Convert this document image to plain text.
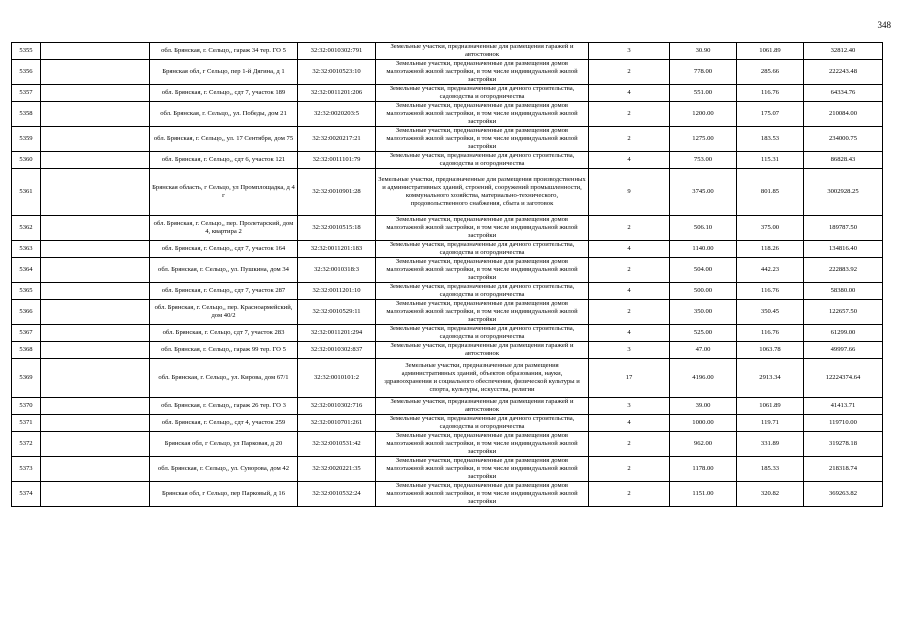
348
5355		обл. Брянская, г. Сельцо,, гараж 34 тер. ГО 5	32:32:0010302:791	Земельные участки, предназначенные для размещения гаражей и автостоянок	3	30.90	1061.89	32812.40
5356		Брянская обл, г Сельцо, пер 1-й Дягина, д 1	32:32:0010523:10	Земельные участки, предназначенные для размещения домов малоэтажной жилой застройки, в том числе индивидуальной жилой застройки	2	778.00	285.66	222243.48
5357		обл. Брянская, г. Сельцо,, сдт 7, участок 189	32:32:0011201:206	Земельные участки, предназначенные для дачного строительства, садоводства и огородничества	4	551.00	116.76	64334.76
5358		обл. Брянская, г. Сельцо,, ул. Победы, дом 21	32:32:0020203:5	Земельные участки, предназначенные для размещения домов малоэтажной жилой застройки, в том числе индивидуальной жилой застройки	2	1200.00	175.07	210084.00
5359		обл. Брянская, г. Сельцо,, ул. 17 Сентября, дом 75	32:32:0020217:21	Земельные участки, предназначенные для размещения домов малоэтажной жилой застройки, в том числе индивидуальной жилой застройки	2	1275.00	183.53	234000.75
5360		обл. Брянская, г. Сельцо,, сдт 6, участок 121	32:32:0011101:79	Земельные участки, предназначенные для дачного строительства, садоводства и огородничества	4	753.00	115.31	86828.43
5361		Брянская область, г Сельцо, ул Промплощадка, д 4 г	32:32:0010901:28	Земельные участки, предназначенные для размещения производственных и административных зданий, строений, сооружений промышленности, коммунального хозяйства, материально-технического, продовольственного снабжения, сбыта и заготовок	9	3745.00	801.85	3002928.25
5362		обл. Брянская, г. Сельцо,, пер. Пролетарский, дом 4, квартира 2	32:32:0010515:18	Земельные участки, предназначенные для размещения домов малоэтажной жилой застройки, в том числе индивидуальной жилой застройки	2	506.10	375.00	189787.50
5363		обл. Брянская, г. Сельцо,, сдт 7, участок 164	32:32:0011201:183	Земельные участки, предназначенные для дачного строительства, садоводства и огородничества	4	1140.00	118.26	134816.40
5364		обл. Брянская, г. Сельцо,, ул. Пушкина, дом 34	32:32:0010318:3	Земельные участки, предназначенные для размещения домов малоэтажной жилой застройки, в том числе индивидуальной жилой застройки	2	504.00	442.23	222883.92
5365		обл. Брянская, г. Сельцо,, сдт 7, участок 287	32:32:0011201:10	Земельные участки, предназначенные для дачного строительства, садоводства и огородничества	4	500.00	116.76	58380.00
5366		обл. Брянская, г. Сельцо,, пер. Красноармейский, дом 40/2	32:32:0010529:11	Земельные участки, предназначенные для размещения домов малоэтажной жилой застройки, в том числе индивидуальной жилой застройки	2	350.00	350.45	122657.50
5367		обл. Брянская, г. Сельцо, сдт 7, участок 283	32:32:0011201:294	Земельные участки, предназначенные для дачного строительства, садоводства и огородничества	4	525.00	116.76	61299.00
5368		обл. Брянская, г. Сельцо,, гараж 99 тер. ГО 5	32:32:0010302:837	Земельные участки, предназначенные для размещения гаражей и автостоянок	3	47.00	1063.78	49997.66
5369		обл. Брянская, г. Сельцо,, ул. Кирова, дом 67/1	32:32:0010101:2	Земельные участки, предназначенные для размещения административных зданий, объектов образования, науки, здравоохранения и социального обеспечения, физической культуры и спорта, культуры, искусства, религии	17	4196.00	2913.34	12224374.64
5370		обл. Брянская, г. Сельцо,, гараж 26 тер. ГО 3	32:32:0010302:716	Земельные участки, предназначенные для размещения гаражей и автостоянок	3	39.00	1061.89	41413.71
5371		обл. Брянская, г. Сельцо,, сдт 4, участок 259	32:32:0010701:261	Земельные участки, предназначенные для дачного строительства, садоводства и огородничества	4	1000.00	119.71	119710.00
5372		Брянская обл, г Сельцо, ул Парковая, д 20	32:32:0010531:42	Земельные участки, предназначенные для размещения домов малоэтажной жилой застройки, в том числе индивидуальной жилой застройки	2	962.00	331.89	319278.18
5373		обл. Брянская, г. Сельцо,, ул. Суворова, дом 42	32:32:0020221:35	Земельные участки, предназначенные для размещения домов малоэтажной жилой застройки, в том числе индивидуальной жилой застройки	2	1178.00	185.33	218318.74
5374		Брянская обл, г Сельцо, пер Парковый, д 16	32:32:0010532:24	Земельные участки, предназначенные для размещения домов малоэтажной жилой застройки, в том числе индивидуальной жилой застройки	2	1151.00	320.82	369263.82
